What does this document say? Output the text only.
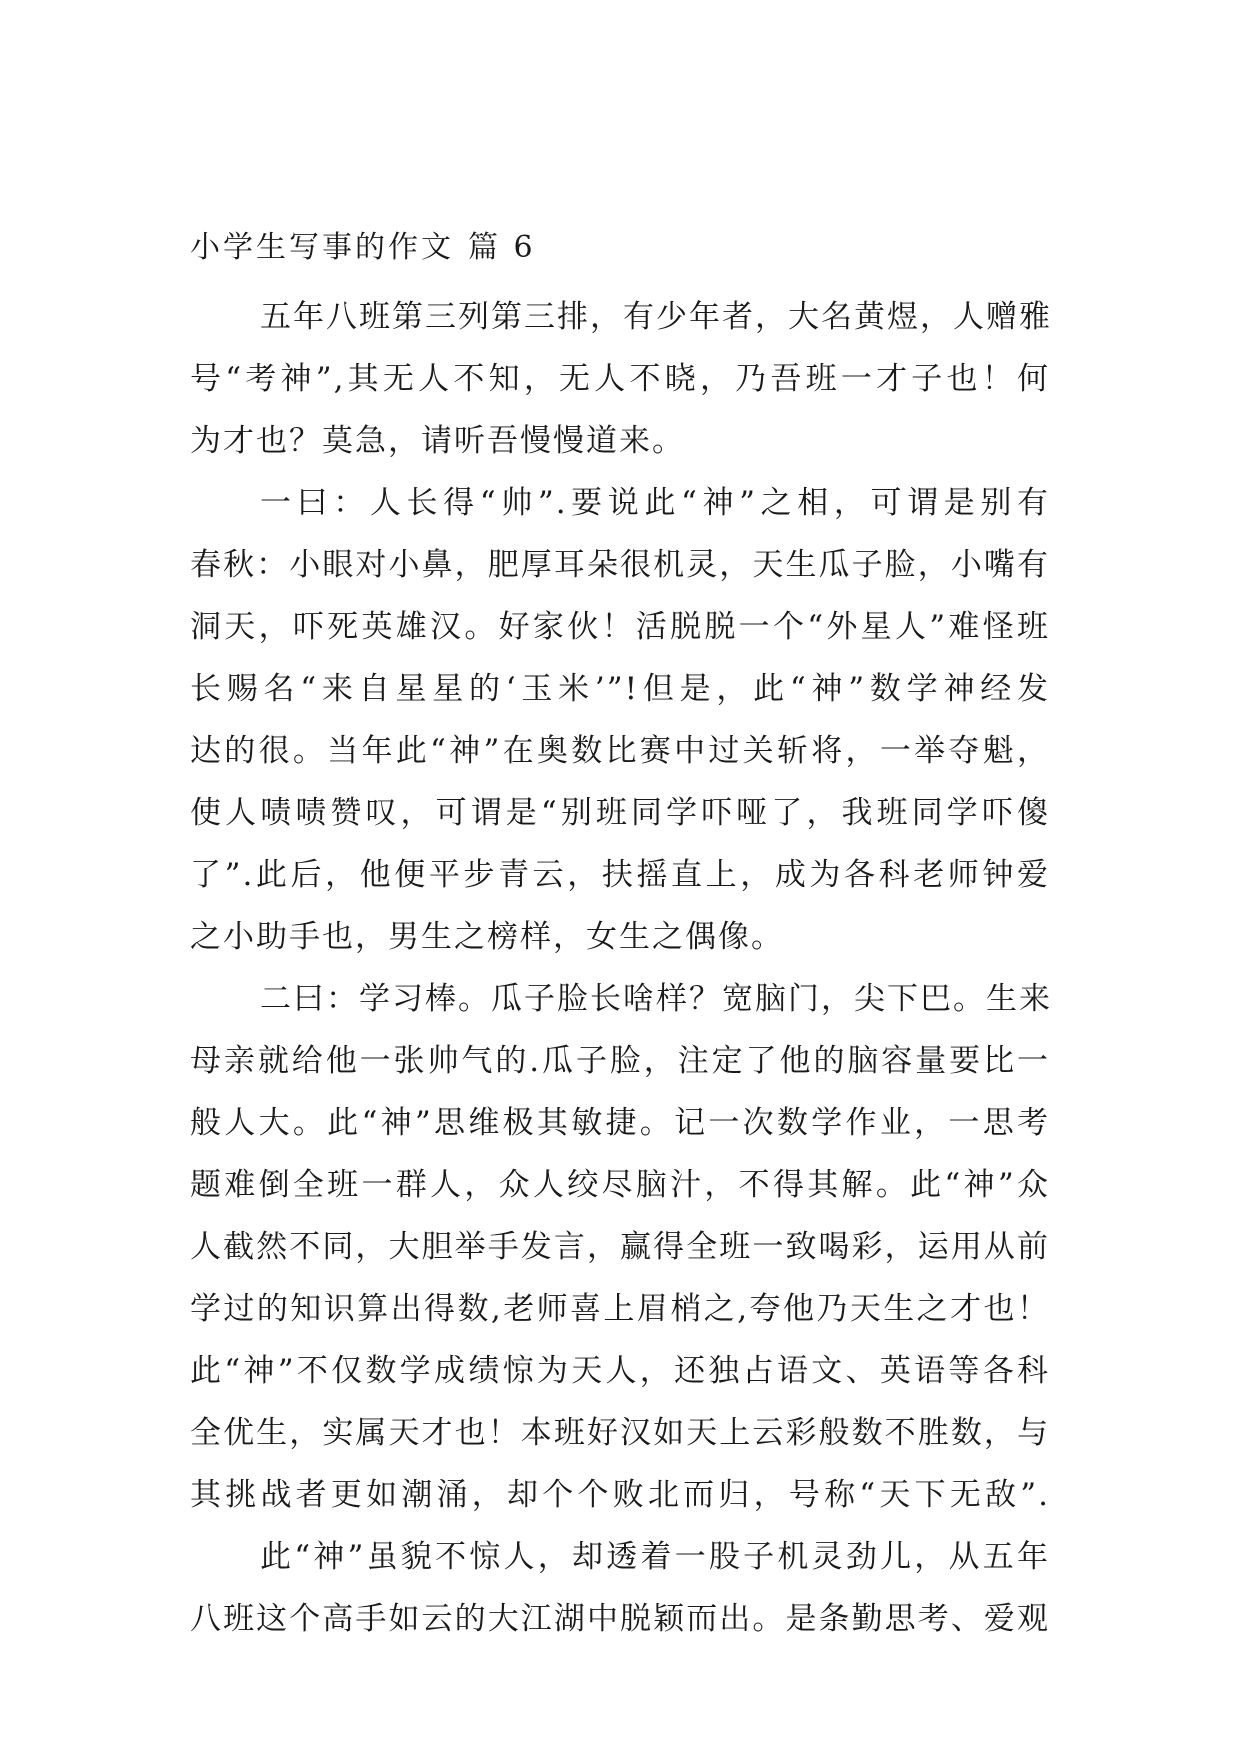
小学生写事的作文 篇 6
五年八班第三列第三排，有少年者，大名黄煜，人赠雅
号“考神”,其无人不知，无人不晓，乃吾班一才子也！何
为才也？莫急，请听吾慢慢道来。
一曰：人长得“帅”.要说此“神”之相，可谓是别有
春秋：小眼对小鼻，肥厚耳朵很机灵，天生瓜子脸，小嘴有
洞天，吓死英雄汉。好家伙！活脱脱一个“外星人”难怪班
长赐名“来自星星的‘玉米’”!但是，此“神”数学神经发
达的很。当年此“神”在奥数比赛中过关斩将，一举夺魁，
使人啧啧赞叹，可谓是“别班同学吓哑了，我班同学吓傻
了”.此后，他便平步青云，扶摇直上，成为各科老师钟爱
之小助手也，男生之榜样，女生之偶像。
二曰：学习棒。瓜子脸长啥样？宽脑门，尖下巴。生来
母亲就给他一张帅气的.瓜子脸，注定了他的脑容量要比一
般人大。此“神”思维极其敏捷。记一次数学作业，一思考
题难倒全班一群人，众人绞尽脑汁，不得其解。此“神”众
人截然不同，大胆举手发言，赢得全班一致喝彩，运用从前
学过的知识算出得数,老师喜上眉梢之,夸他乃天生之才也！
此“神”不仅数学成绩惊为天人，还独占语文、英语等各科
全优生，实属天才也！本班好汉如天上云彩般数不胜数，与
其挑战者更如潮涌，却个个败北而归，号称“天下无敌”.
此“神”虽貌不惊人，却透着一股子机灵劲儿，从五年
八班这个高手如云的大江湖中脱颖而出。是条勤思考、爱观
